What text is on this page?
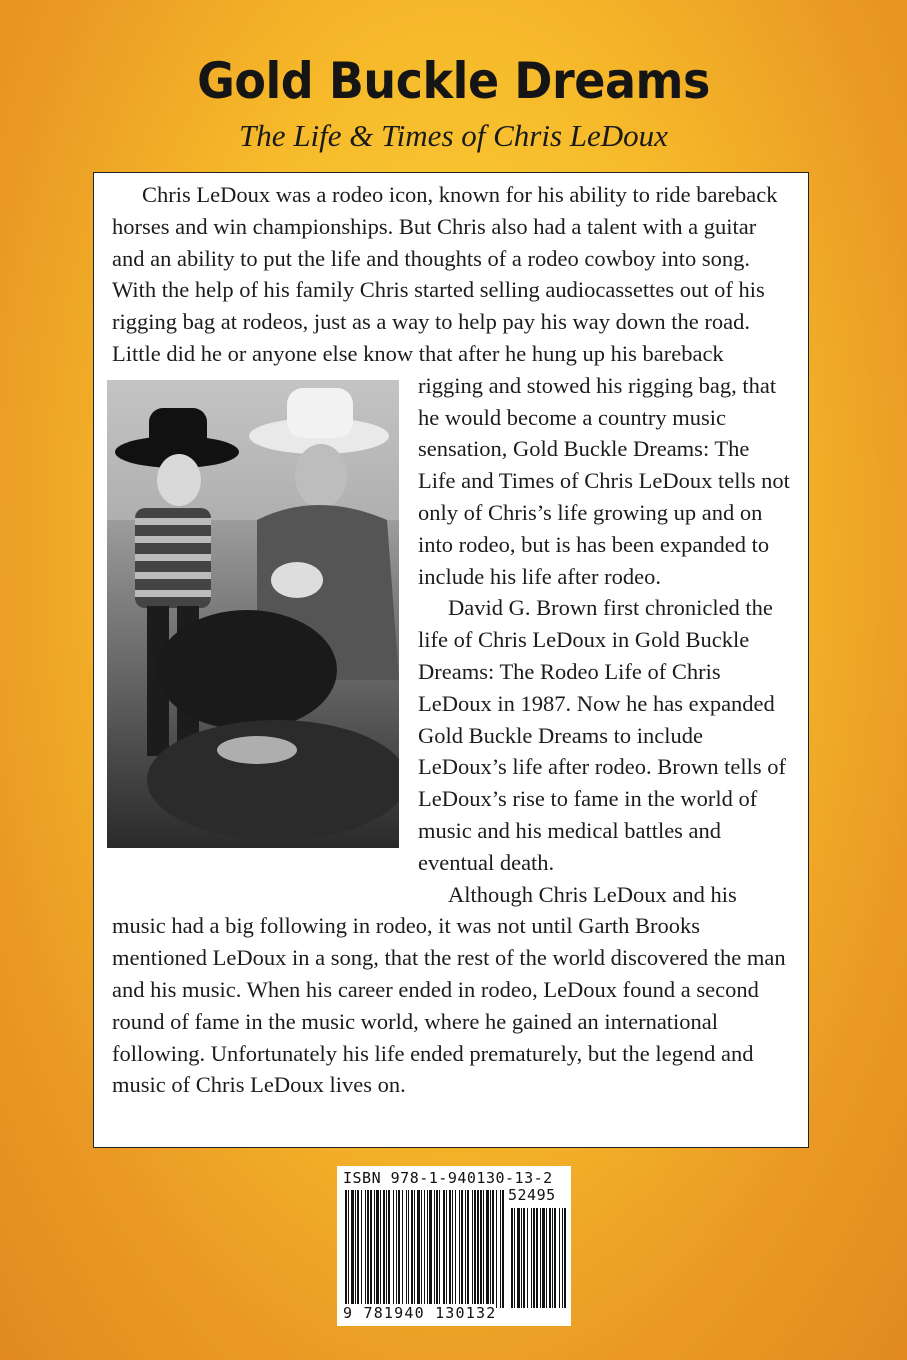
Gold Buckle Dreams
The Life & Times of Chris LeDoux

Chris LeDoux was a rodeo icon, known for his ability to ride bareback horses and win championships. But Chris also had a talent with a guitar and an ability to put the life and thoughts of a rodeo cowboy into song. With the help of his family Chris started selling audiocassettes out of his rigging bag at rodeos, just as a way to help pay his way down the road. Little did he or anyone else know that after he hung up his bareback rigging and stowed his rigging bag, that he would become a country music sensation, Gold Buckle Dreams: The Life and Times of Chris LeDoux tells not only of Chris’s life growing up and on into rodeo, but is has been expanded to include his life after rodeo.

David G. Brown first chronicled the life of Chris LeDoux in Gold Buckle Dreams: The Rodeo Life of Chris LeDoux in 1987. Now he has expanded Gold Buckle Dreams to include LeDoux’s life after rodeo. Brown tells of LeDoux’s rise to fame in the world of music and his medical battles and eventual death.

Although Chris LeDoux and his music had a big following in rodeo, it was not until Garth Brooks mentioned LeDoux in a song, that the rest of the world discovered the man and his music. When his career ended in rodeo, LeDoux found a second round of fame in the music world, where he gained an international following. Unfortunately his life ended prematurely, but the legend and music of Chris LeDoux lives on.

ISBN 978-1-940130-13-2
52495
9 781940 130132
